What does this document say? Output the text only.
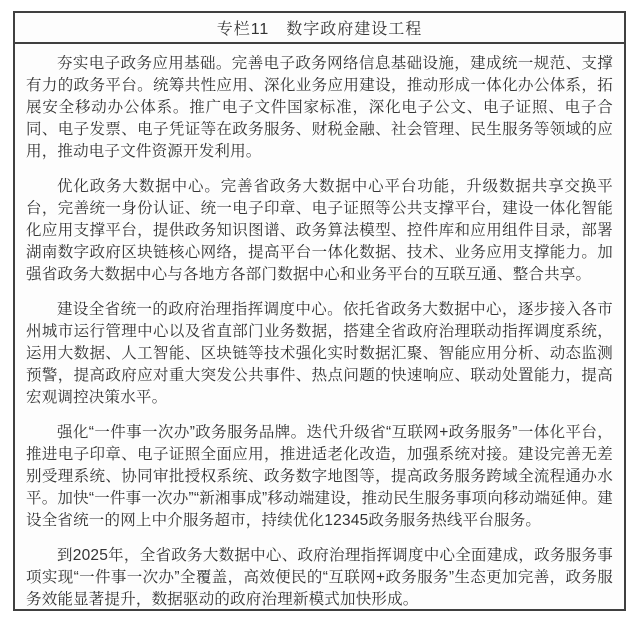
专栏11　数字政府建设工程

夯实电子政务应用基础。完善电子政务网络信息基础设施，建成统一规范、支撑有力的政务平台。统筹共性应用、深化业务应用建设，推动形成一体化办公体系，拓展安全移动办公体系。推广电子文件国家标准，深化电子公文、电子证照、电子合同、电子发票、电子凭证等在政务服务、财税金融、社会管理、民生服务等领域的应用，推动电子文件资源开发利用。

优化政务大数据中心。完善省政务大数据中心平台功能，升级数据共享交换平台，完善统一身份认证、统一电子印章、电子证照等公共支撑平台，建设一体化智能化应用支撑平台，提供政务知识图谱、政务算法模型、控件库和应用组件目录，部署湖南数字政府区块链核心网络，提高平台一体化数据、技术、业务应用支撑能力。加强省政务大数据中心与各地方各部门数据中心和业务平台的互联互通、整合共享。

建设全省统一的政府治理指挥调度中心。依托省政务大数据中心，逐步接入各市州城市运行管理中心以及省直部门业务数据，搭建全省政府治理联动指挥调度系统，运用大数据、人工智能、区块链等技术强化实时数据汇聚、智能应用分析、动态监测预警，提高政府应对重大突发公共事件、热点问题的快速响应、联动处置能力，提高宏观调控决策水平。

强化“一件事一次办”政务服务品牌。迭代升级省“互联网+政务服务”一体化平台，推进电子印章、电子证照全面应用，推进适老化改造，加强系统对接。建设完善无差别受理系统、协同审批授权系统、政务数字地图等，提高政务服务跨域全流程通办水平。加快“一件事一次办”“新湘事成”移动端建设，推动民生服务事项向移动端延伸。建设全省统一的网上中介服务超市，持续优化12345政务服务热线平台服务。

到2025年，全省政务大数据中心、政府治理指挥调度中心全面建成，政务服务事项实现“一件事一次办”全覆盖，高效便民的“互联网+政务服务”生态更加完善，政务服务效能显著提升，数据驱动的政府治理新模式加快形成。
